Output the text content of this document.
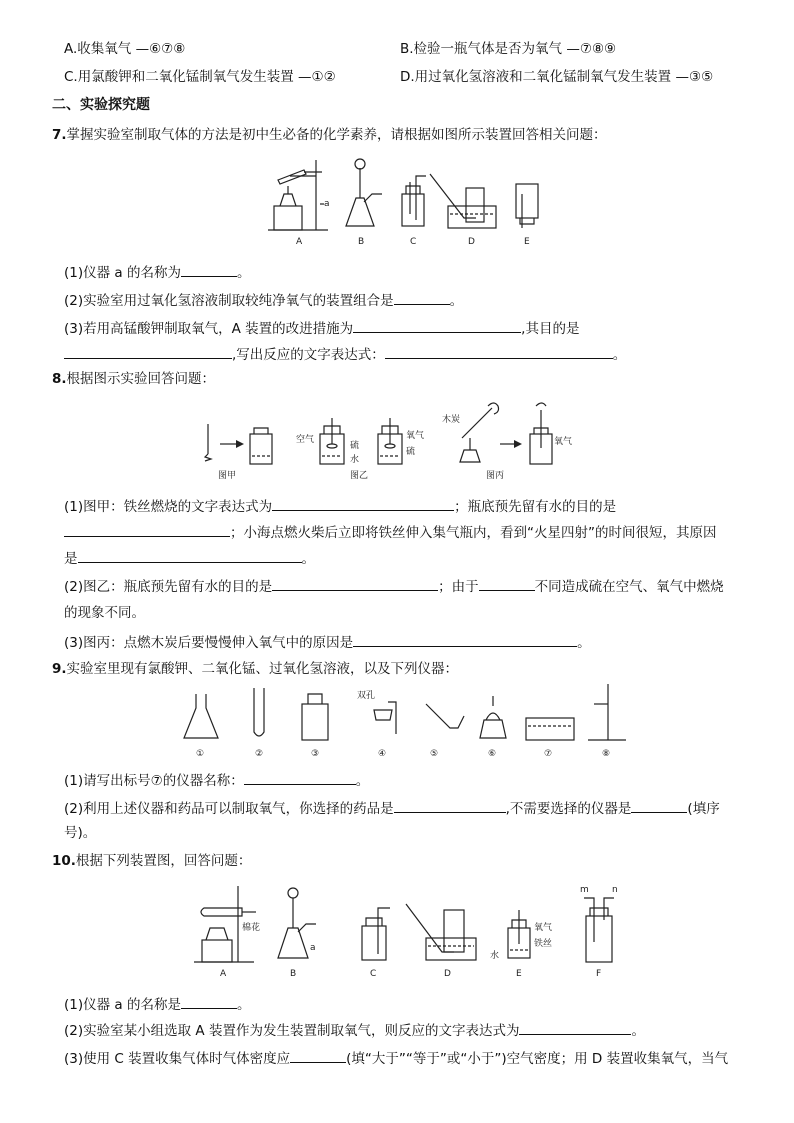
A.收集氧气 —⑥⑦⑧	B.检验一瓶气体是否为氧气 —⑦⑧⑨
C.用氯酸钾和二氧化锰制氧气发生装置 —①②	D.用过氧化氢溶液和二氧化锰制氧气发生装置 —③⑤
二、实验探究题
7.掌握实验室制取气体的方法是初中生必备的化学素养，请根据如图所示装置回答相关问题：
A
a
B	C	D	E
(1)仪器 a 的名称为	。
(2)实验室用过氧化氢溶液制取较纯净氧气的装置组合是	。
(3)若用高锰酸钾制取氧气，A 装置的改进措施为	,其目的是
,写出反应的文字表达式：	。
8.根据图示实验回答问题：
图甲
空气
硫
水
氧气
硫
图乙
木炭
氧气
图丙
(1)图甲：铁丝燃烧的文字表达式为	；瓶底预先留有水的目的是
；小海点燃火柴后立即将铁丝伸入集气瓶内，看到“火星四射”的时间很短，其原因
是	。
(2)图乙：瓶底预先留有水的目的是	；由于	不同造成硫在空气、氧气中燃烧
的现象不同。
(3)图丙：点燃木炭后要慢慢伸入氧气中的原因是	。
9.实验室里现有氯酸钾、二氧化锰、过氧化氢溶液，以及下列仪器：
①	②	③
双孔
④	⑤	⑥	⑦	⑧
(1)请写出标号⑦的仪器名称：	。
(2)利用上述仪器和药品可以制取氧气，你选择的药品是	,不需要选择的仪器是	(填序
号)。
10.根据下列装置图，回答问题：
棉花
A
a
B	C	D
氧气
铁丝
水
E
m	n
F
(1)仪器 a 的名称是	。
(2)实验室某小组选取 A 装置作为发生装置制取氧气，则反应的文字表达式为	。
(3)使用 C 装置收集气体时气体密度应	(填“大于”“等于”或“小于”)空气密度；用 D 装置收集氧气，当气
